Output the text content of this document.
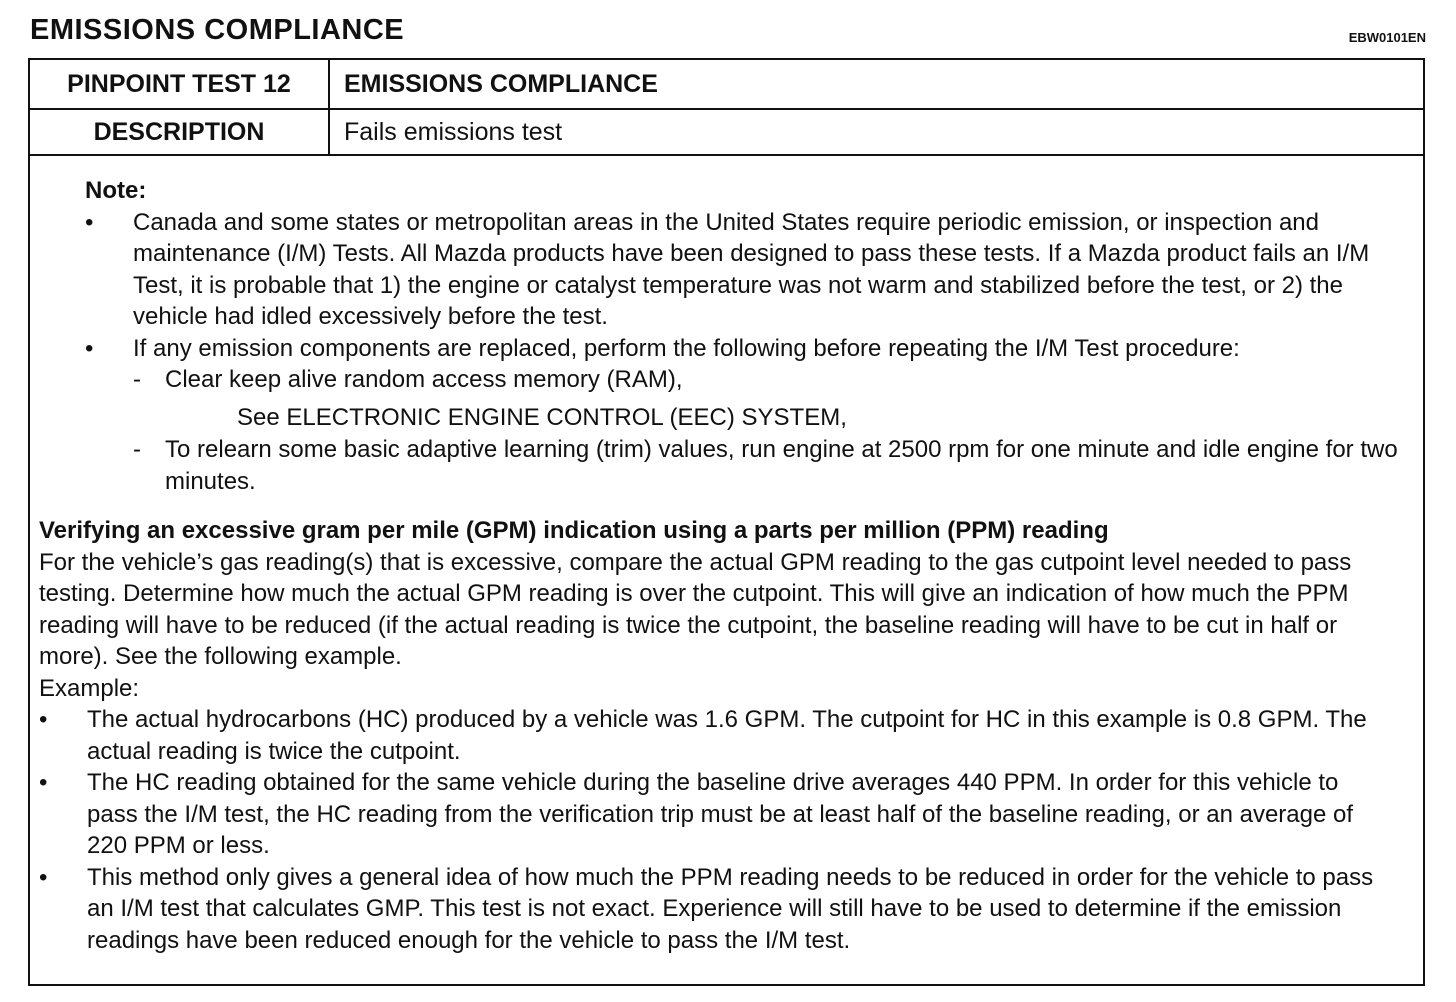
EMISSIONS COMPLIANCE	EBW0101EN
PINPOINT TEST 12	EMISSIONS COMPLIANCE
DESCRIPTION	Fails emissions test
Note:
•	Canada and some states or metropolitan areas in the United States require periodic emission, or inspection and maintenance (I/M) Tests. All Mazda products have been designed to pass these tests. If a Mazda product fails an I/M Test, it is probable that 1) the engine or catalyst temperature was not warm and stabilized before the test, or 2) the vehicle had idled excessively before the test.
•	If any emission components are replaced, perform the following before repeating the I/M Test procedure:
-	Clear keep alive random access memory (RAM),
See ELECTRONIC ENGINE CONTROL (EEC) SYSTEM,
-	To relearn some basic adaptive learning (trim) values, run engine at 2500 rpm for one minute and idle engine for two minutes.
Verifying an excessive gram per mile (GPM) indication using a parts per million (PPM) reading
For the vehicle’s gas reading(s) that is excessive, compare the actual GPM reading to the gas cutpoint level needed to pass testing. Determine how much the actual GPM reading is over the cutpoint. This will give an indication of how much the PPM reading will have to be reduced (if the actual reading is twice the cutpoint, the baseline reading will have to be cut in half or more). See the following example.
Example:
•	The actual hydrocarbons (HC) produced by a vehicle was 1.6 GPM. The cutpoint for HC in this example is 0.8 GPM. The actual reading is twice the cutpoint.
•	The HC reading obtained for the same vehicle during the baseline drive averages 440 PPM. In order for this vehicle to pass the I/M test, the HC reading from the verification trip must be at least half of the baseline reading, or an average of 220 PPM or less.
•	This method only gives a general idea of how much the PPM reading needs to be reduced in order for the vehicle to pass an I/M test that calculates GMP. This test is not exact. Experience will still have to be used to determine if the emission readings have been reduced enough for the vehicle to pass the I/M test.
